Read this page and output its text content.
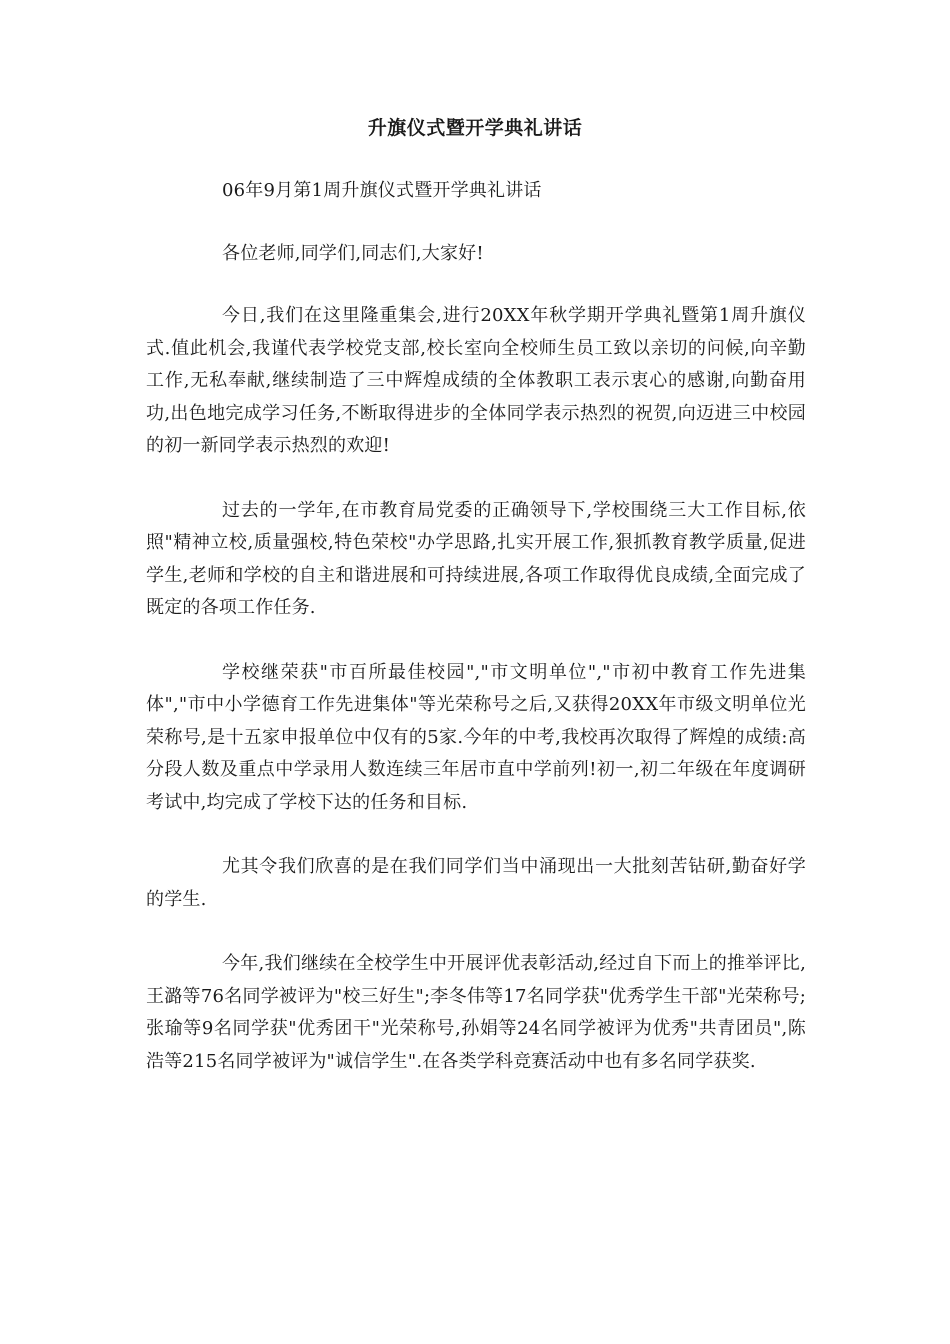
升旗仪式暨开学典礼讲话

06年9月第1周升旗仪式暨开学典礼讲话

各位老师,同学们,同志们,大家好!

今日,我们在这里隆重集会,进行20XX年秋学期开学典礼暨第1周升旗仪式.值此机会,我谨代表学校党支部,校长室向全校师生员工致以亲切的问候,向辛勤工作,无私奉献,继续制造了三中辉煌成绩的全体教职工表示衷心的感谢,向勤奋用功,出色地完成学习任务,不断取得进步的全体同学表示热烈的祝贺,向迈进三中校园的初一新同学表示热烈的欢迎!

过去的一学年,在市教育局党委的正确领导下,学校围绕三大工作目标,依照"精神立校,质量强校,特色荣校"办学思路,扎实开展工作,狠抓教育教学质量,促进学生,老师和学校的自主和谐进展和可持续进展,各项工作取得优良成绩,全面完成了既定的各项工作任务.

学校继荣获"市百所最佳校园","市文明单位","市初中教育工作先进集体","市中小学德育工作先进集体"等光荣称号之后,又获得20XX年市级文明单位光荣称号,是十五家申报单位中仅有的5家.今年的中考,我校再次取得了辉煌的成绩:高分段人数及重点中学录用人数连续三年居市直中学前列!初一,初二年级在年度调研考试中,均完成了学校下达的任务和目标.

尤其令我们欣喜的是在我们同学们当中涌现出一大批刻苦钻研,勤奋好学的学生.

今年,我们继续在全校学生中开展评优表彰活动,经过自下而上的推举评比,王潞等76名同学被评为"校三好生";李冬伟等17名同学获"优秀学生干部"光荣称号;张瑜等9名同学获"优秀团干"光荣称号,孙娟等24名同学被评为优秀"共青团员",陈浩等215名同学被评为"诚信学生".在各类学科竞赛活动中也有多名同学获奖.
